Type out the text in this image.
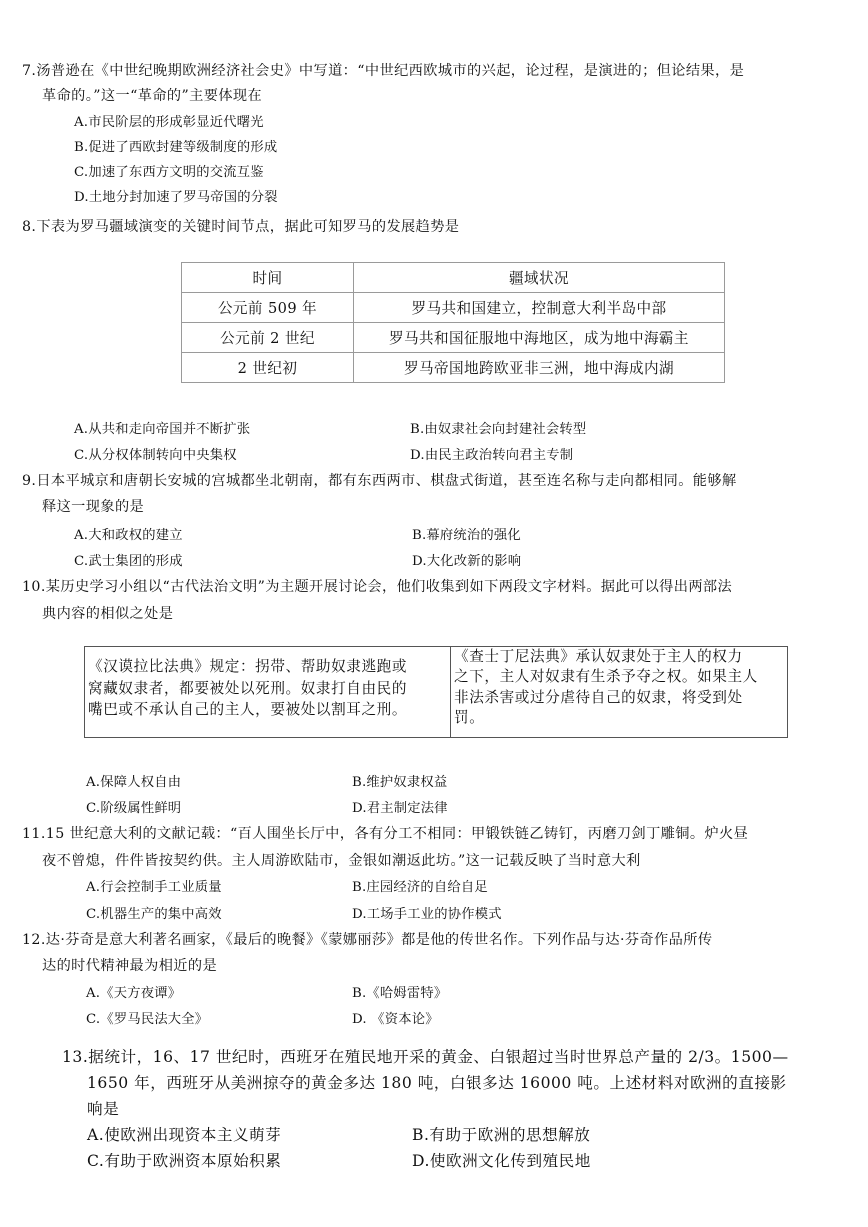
7.汤普逊在《中世纪晚期欧洲经济社会史》中写道：“中世纪西欧城市的兴起，论过程，是演进的；但论结果，是
革命的。”这一“革命的”主要体现在
A.市民阶层的形成彰显近代曙光
B.促进了西欧封建等级制度的形成
C.加速了东西方文明的交流互鉴
D.土地分封加速了罗马帝国的分裂
8.下表为罗马疆域演变的关键时间节点，据此可知罗马的发展趋势是
时间	疆域状况
公元前 509 年	罗马共和国建立，控制意大利半岛中部
公元前 2 世纪	罗马共和国征服地中海地区，成为地中海霸主
2 世纪初	罗马帝国地跨欧亚非三洲，地中海成内湖
A.从共和走向帝国并不断扩张	B.由奴隶社会向封建社会转型
C.从分权体制转向中央集权	D.由民主政治转向君主专制
9.日本平城京和唐朝长安城的宫城都坐北朝南，都有东西两市、棋盘式街道，甚至连名称与走向都相同。能够解
释这一现象的是
A.大和政权的建立	B.幕府统治的强化
C.武士集团的形成	D.大化改新的影响
10.某历史学习小组以“古代法治文明”为主题开展讨论会，他们收集到如下两段文字材料。据此可以得出两部法
典内容的相似之处是
《汉谟拉比法典》规定：拐带、帮助奴隶逃跑或
窝藏奴隶者，都要被处以死刑。奴隶打自由民的
嘴巴或不承认自己的主人，要被处以割耳之刑。

《查士丁尼法典》承认奴隶处于主人的权力
之下，主人对奴隶有生杀予夺之权。如果主人
非法杀害或过分虐待自己的奴隶，将受到处
罚。
A.保障人权自由	B.维护奴隶权益
C.阶级属性鲜明	D.君主制定法律
11.15 世纪意大利的文献记载：“百人围坐长厅中，各有分工不相同：甲锻铁链乙铸钉，丙磨刀剑丁雕铜。炉火昼
夜不曾熄，件件皆按契约供。主人周游欧陆市，金银如潮返此坊。”这一记载反映了当时意大利
A.行会控制手工业质量	B.庄园经济的自给自足
C.机器生产的集中高效	D.工场手工业的协作模式
12.达·芬奇是意大利著名画家，《最后的晚餐》《蒙娜丽莎》都是他的传世名作。下列作品与达·芬奇作品所传
达的时代精神最为相近的是
A.《天方夜谭》	B.《哈姆雷特》
C.《罗马民法大全》	D. 《资本论》
13.据统计，16、17 世纪时，西班牙在殖民地开采的黄金、白银超过当时世界总产量的 2/3。1500—
1650 年，西班牙从美洲掠夺的黄金多达 180 吨，白银多达 16000 吨。上述材料对欧洲的直接影
响是
A.使欧洲出现资本主义萌芽	B.有助于欧洲的思想解放
C.有助于欧洲资本原始积累	D.使欧洲文化传到殖民地
